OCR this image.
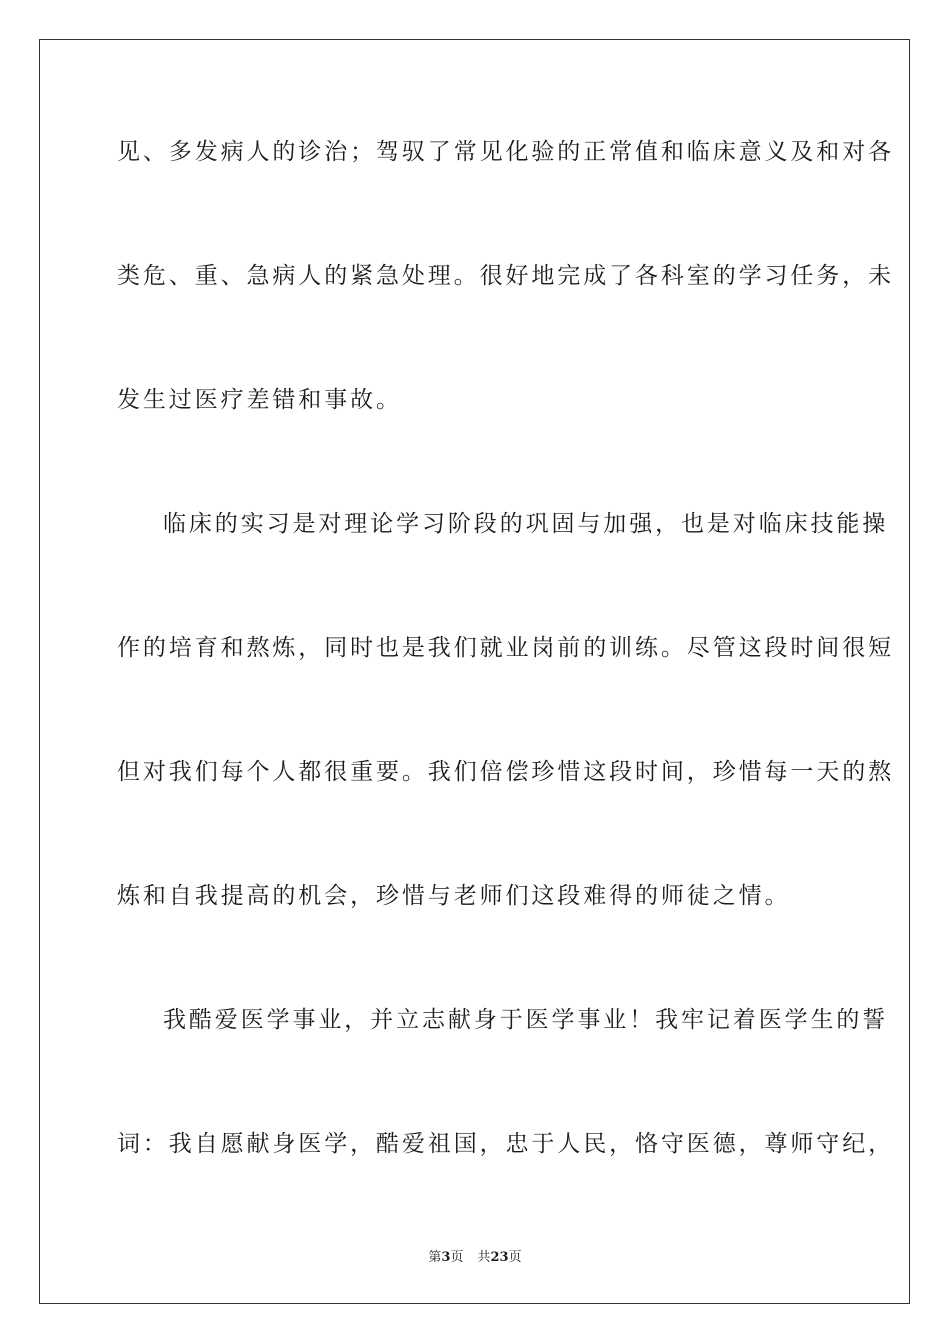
见、多发病人的诊治；驾驭了常见化验的正常值和临床意义及和对各
类危、重、急病人的紧急处理。很好地完成了各科室的学习任务，未
发生过医疗差错和事故。
临床的实习是对理论学习阶段的巩固与加强，也是对临床技能操
作的培育和熬炼，同时也是我们就业岗前的训练。尽管这段时间很短
但对我们每个人都很重要。我们倍偿珍惜这段时间，珍惜每一天的熬
炼和自我提高的机会，珍惜与老师们这段难得的师徒之情。
我酷爱医学事业，并立志献身于医学事业！我牢记着医学生的誓
词：我自愿献身医学，酷爱祖国，忠于人民，恪守医德，尊师守纪，
第3页 共23页
